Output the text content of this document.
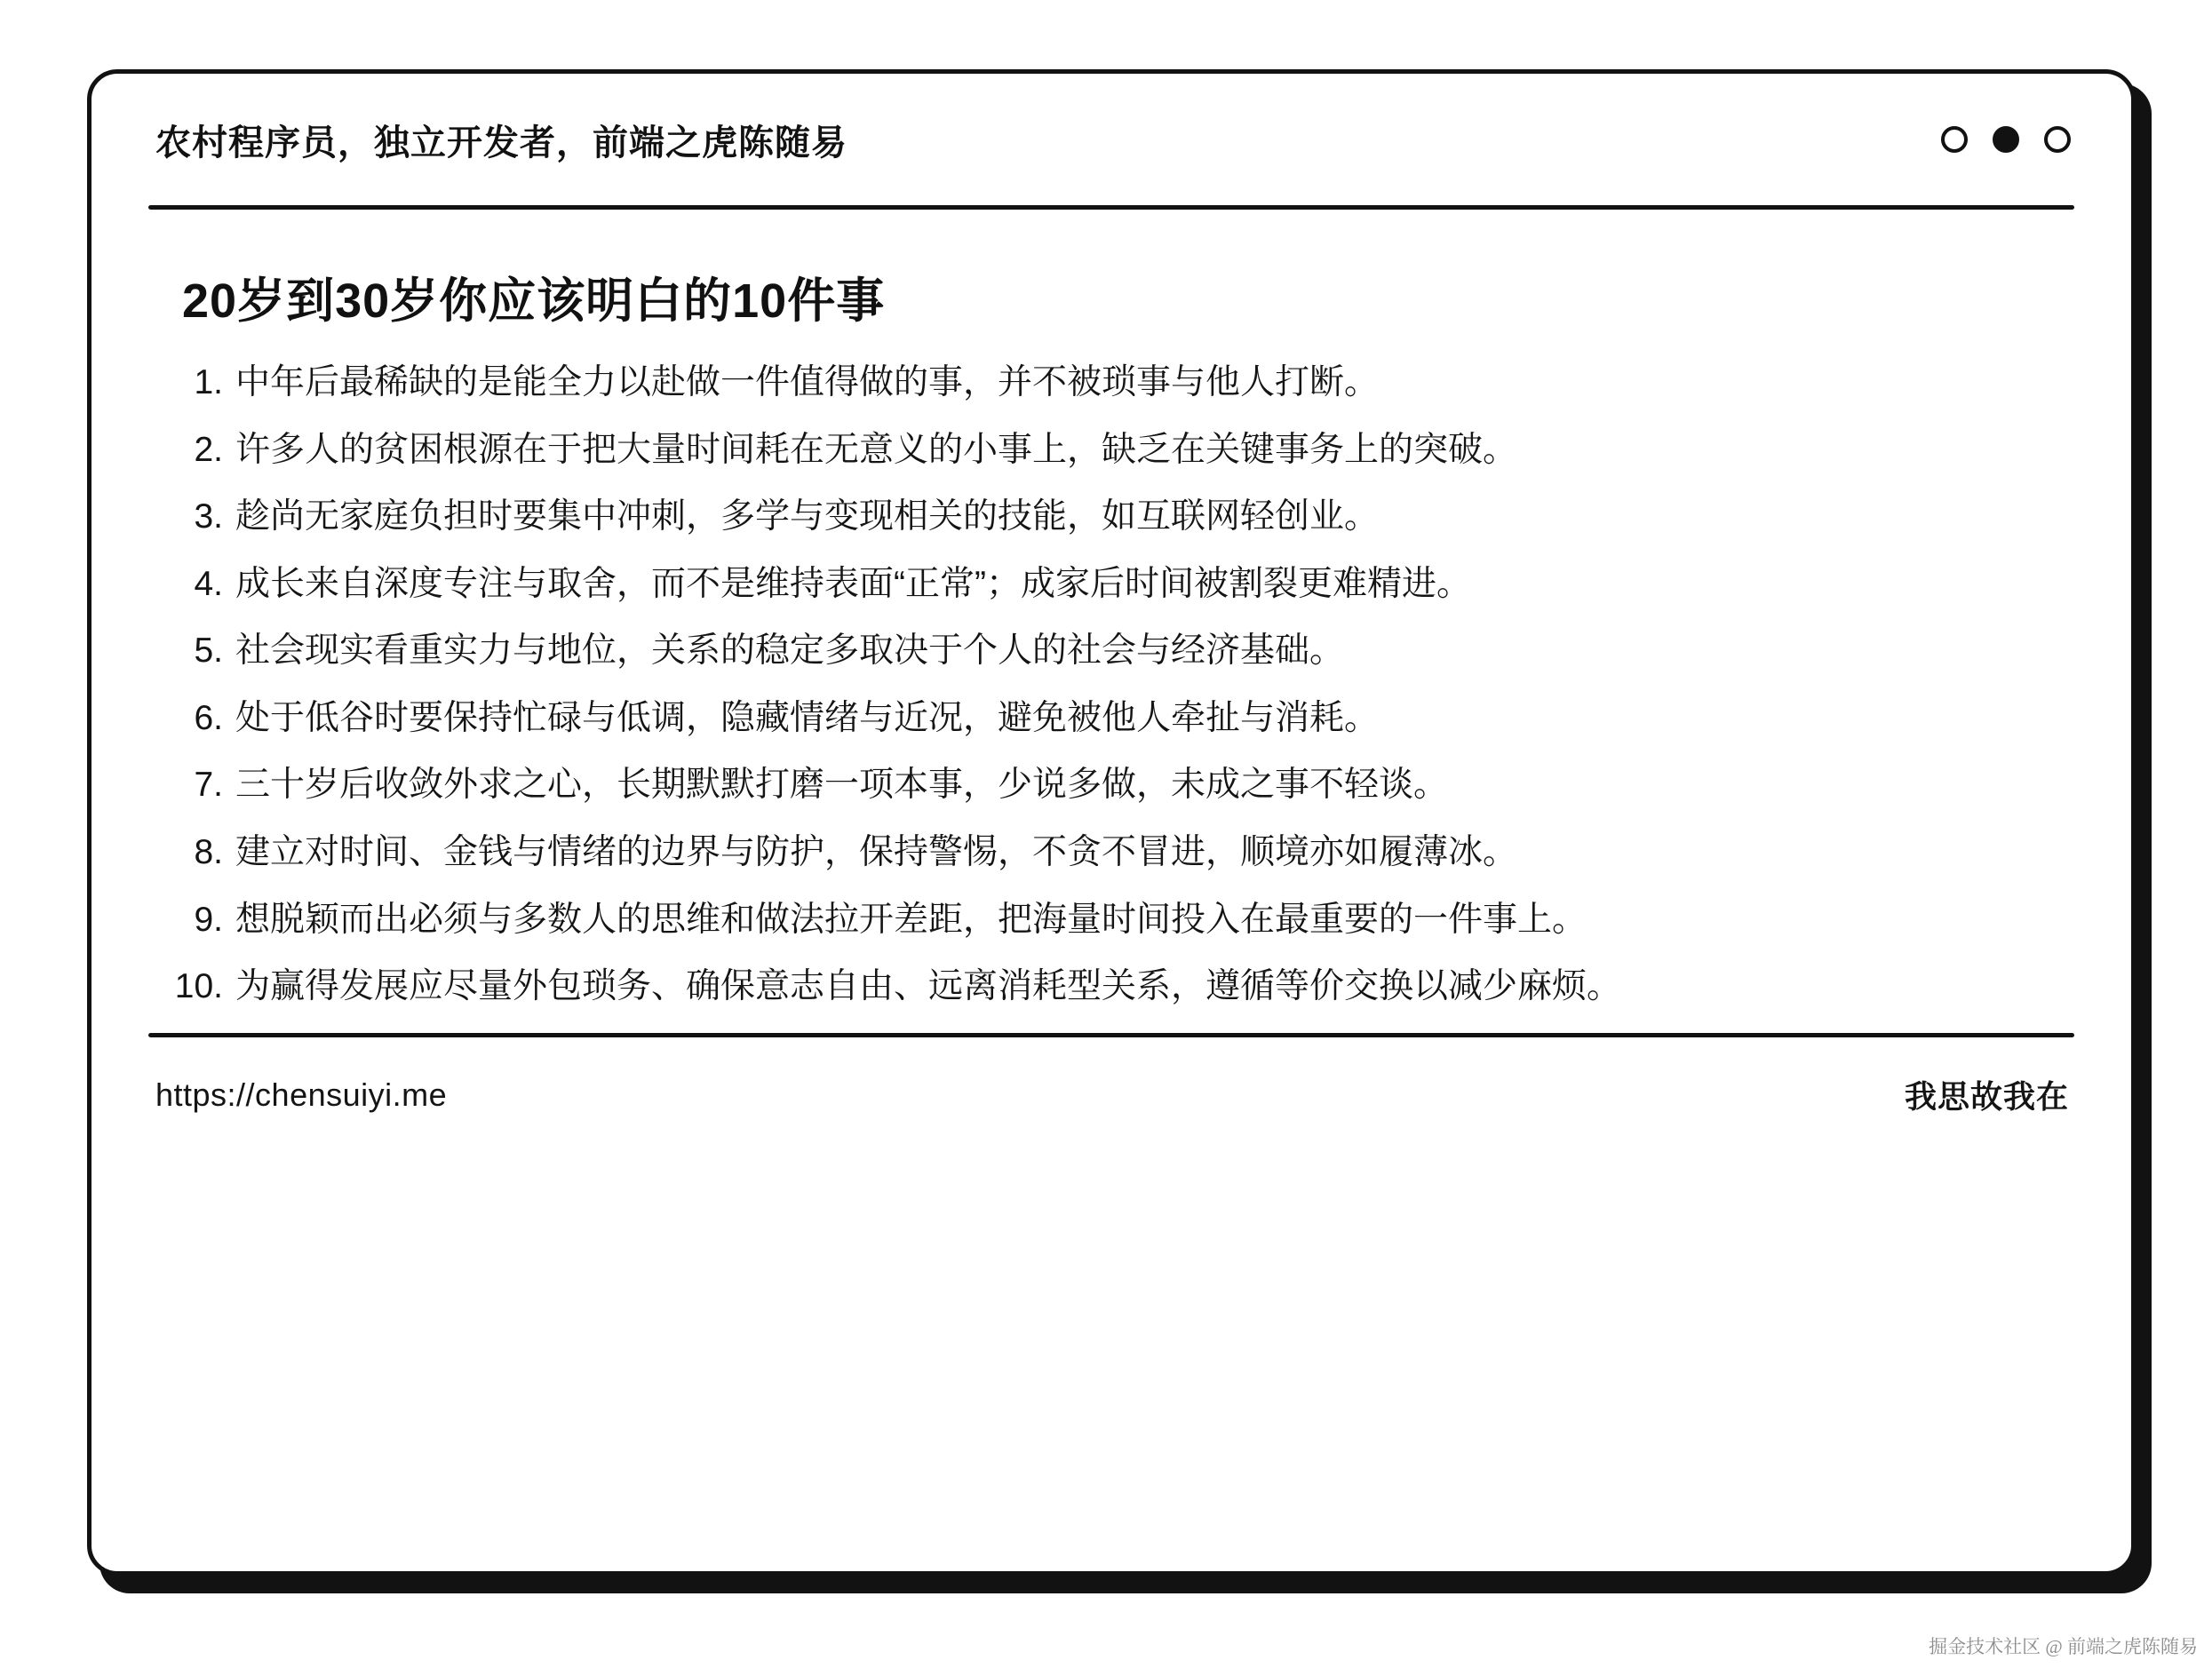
农村程序员，独立开发者，前端之虎陈随易
20岁到30岁你应该明白的10件事
1. 中年后最稀缺的是能全力以赴做一件值得做的事，并不被琐事与他人打断。
2. 许多人的贫困根源在于把大量时间耗在无意义的小事上，缺乏在关键事务上的突破。
3. 趁尚无家庭负担时要集中冲刺，多学与变现相关的技能，如互联网轻创业。
4. 成长来自深度专注与取舍，而不是维持表面“正常”；成家后时间被割裂更难精进。
5. 社会现实看重实力与地位，关系的稳定多取决于个人的社会与经济基础。
6. 处于低谷时要保持忙碌与低调，隐藏情绪与近况，避免被他人牵扯与消耗。
7. 三十岁后收敛外求之心，长期默默打磨一项本事，少说多做，未成之事不轻谈。
8. 建立对时间、金钱与情绪的边界与防护，保持警惕，不贪不冒进，顺境亦如履薄冰。
9. 想脱颖而出必须与多数人的思维和做法拉开差距，把海量时间投入在最重要的一件事上。
10. 为赢得发展应尽量外包琐务、确保意志自由、远离消耗型关系，遵循等价交换以减少麻烦。
https://chensuiyi.me	我思故我在
掘金技术社区 @ 前端之虎陈随易
